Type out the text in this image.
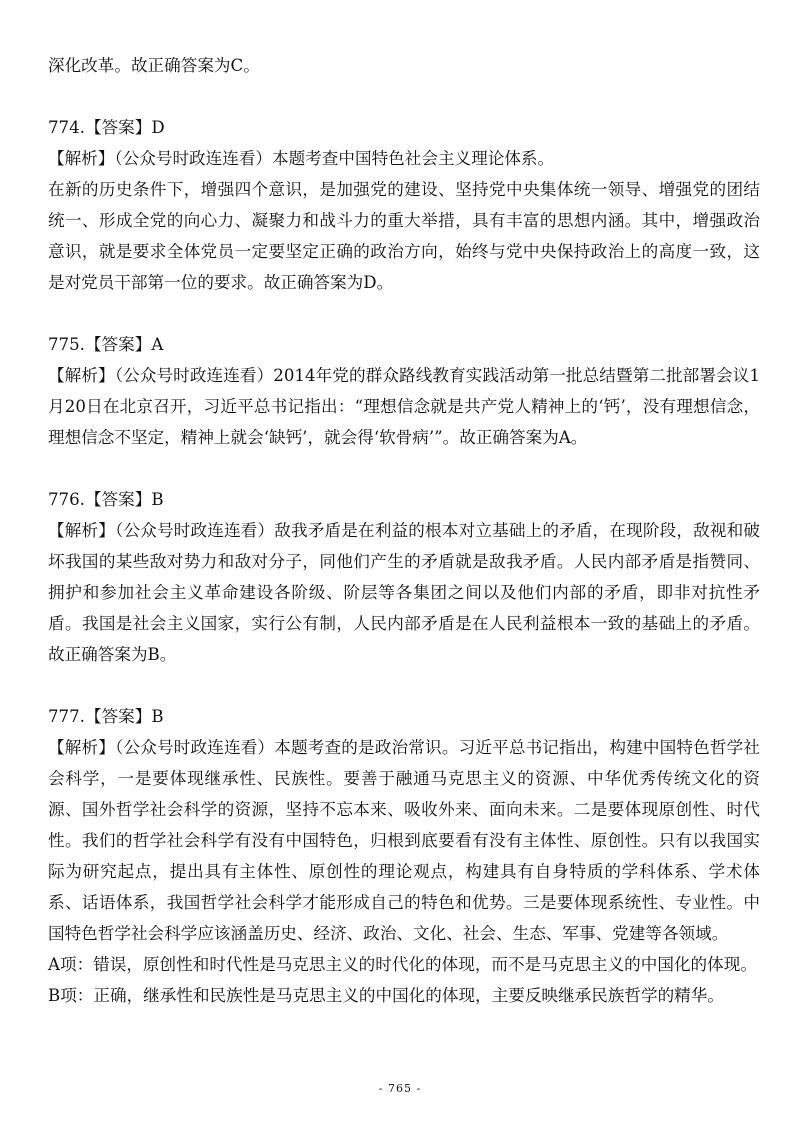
深化改革。故正确答案为C。

774.【答案】D

【解析】（公众号时政连连看）本题考查中国特色社会主义理论体系。

在新的历史条件下，增强四个意识，是加强党的建设、坚持党中央集体统一领导、增强党的团结统一、形成全党的向心力、凝聚力和战斗力的重大举措，具有丰富的思想内涵。其中，增强政治意识，就是要求全体党员一定要坚定正确的政治方向，始终与党中央保持政治上的高度一致，这是对党员干部第一位的要求。故正确答案为D。

775.【答案】A

【解析】（公众号时政连连看）2014年党的群众路线教育实践活动第一批总结暨第二批部署会议1月20日在北京召开，习近平总书记指出：“理想信念就是共产党人精神上的‘钙’，没有理想信念，理想信念不坚定，精神上就会‘缺钙’，就会得‘软骨病’”。故正确答案为A。

776.【答案】B

【解析】（公众号时政连连看）敌我矛盾是在利益的根本对立基础上的矛盾，在现阶段，敌视和破坏我国的某些敌对势力和敌对分子，同他们产生的矛盾就是敌我矛盾。人民内部矛盾是指赞同、拥护和参加社会主义革命建设各阶级、阶层等各集团之间以及他们内部的矛盾，即非对抗性矛盾。我国是社会主义国家，实行公有制，人民内部矛盾是在人民利益根本一致的基础上的矛盾。故正确答案为B。

777.【答案】B

【解析】（公众号时政连连看）本题考查的是政治常识。习近平总书记指出，构建中国特色哲学社会科学，一是要体现继承性、民族性。要善于融通马克思主义的资源、中华优秀传统文化的资源、国外哲学社会科学的资源，坚持不忘本来、吸收外来、面向未来。二是要体现原创性、时代性。我们的哲学社会科学有没有中国特色，归根到底要看有没有主体性、原创性。只有以我国实际为研究起点，提出具有主体性、原创性的理论观点，构建具有自身特质的学科体系、学术体系、话语体系，我国哲学社会科学才能形成自己的特色和优势。三是要体现系统性、专业性。中国特色哲学社会科学应该涵盖历史、经济、政治、文化、社会、生态、军事、党建等各领域。

A项：错误，原创性和时代性是马克思主义的时代化的体现，而不是马克思主义的中国化的体现。

B项：正确，继承性和民族性是马克思主义的中国化的体现，主要反映继承民族哲学的精华。

- 765 -
